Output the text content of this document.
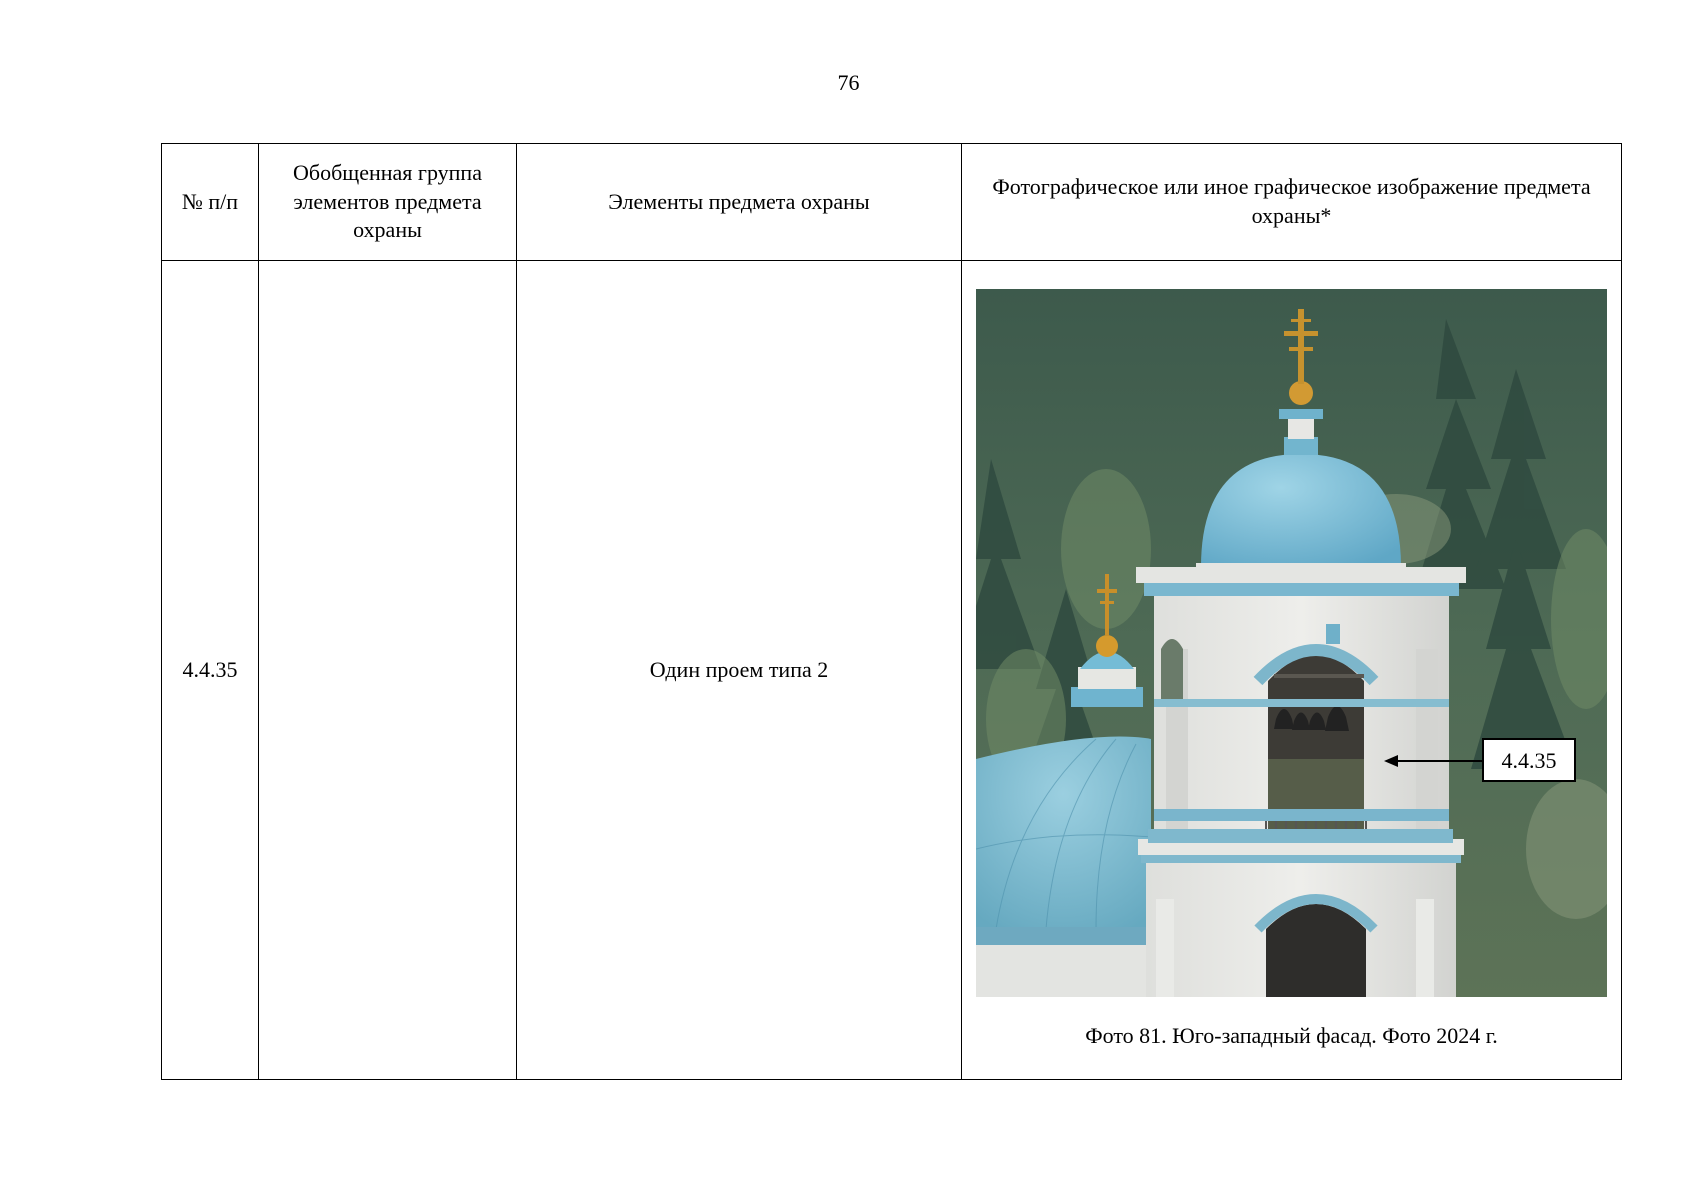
76
№ п/п	Обобщенная группа элементов предмета охраны	Элементы предмета охраны	Фотографическое или иное графическое изображение предмета охраны*
4.4.35		Один проем типа 2	4.4.35
Фото 81. Юго-западный фасад. Фото 2024 г.
